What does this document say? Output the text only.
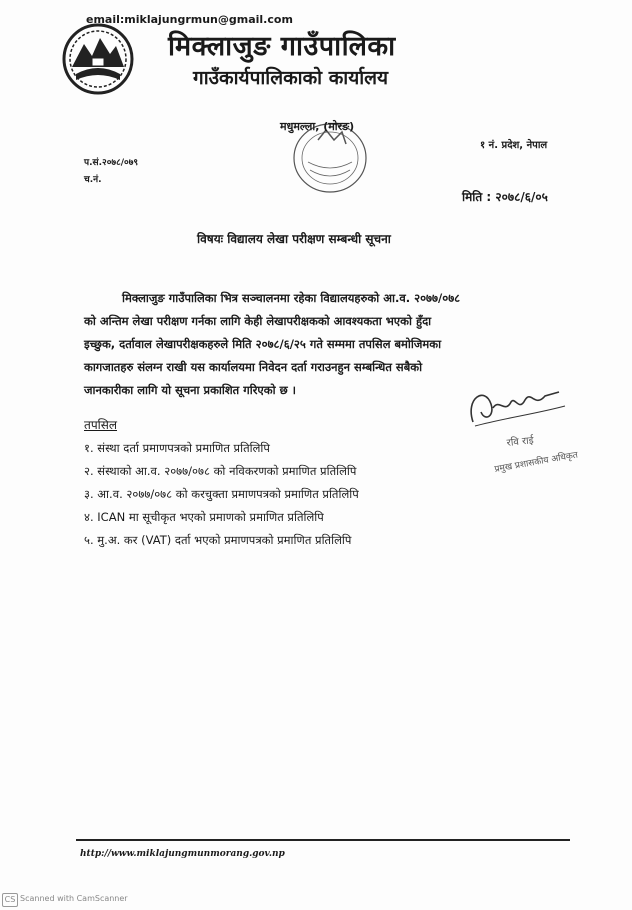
email:miklajungrmun@gmail.com
मिक्लाजुङ गाउँपालिका
गाउँकार्यपालिकाको कार्यालय
मधुमल्ला, (मोरङ)
१ नं. प्रदेश, नेपाल
प.सं.२०७८/०७९
च.नं.
मिति : २०७८/६/०५
विषयः विद्यालय लेखा परीक्षण सम्बन्धी सूचना
मिक्लाजुङ गाउँपालिका भित्र सञ्चालनमा रहेका विद्यालयहरुको आ.व. २०७७/०७८
को अन्तिम लेखा परीक्षण गर्नका लागि केही लेखापरीक्षकको आवश्यकता भएको हुँदा
इच्छुक, दर्तावाल लेखापरीक्षकहरुले मिति २०७८/६/२५ गते सम्ममा तपसिल बमोजिमका
कागजातहरु संलग्न राखी यस कार्यालयमा निवेदन दर्ता गराउनहुन सम्बन्धित सबैको
जानकारीका लागि यो सूचना प्रकाशित गरिएको छ ।
तपसिल
१. संस्था दर्ता प्रमाणपत्रको प्रमाणित प्रतिलिपि
२. संस्थाको आ.व. २०७७/०७८ को नविकरणको प्रमाणित प्रतिलिपि
३. आ.व. २०७७/०७८ को करचुक्ता प्रमाणपत्रको प्रमाणित प्रतिलिपि
४. ICAN मा सूचीकृत भएको प्रमाणको प्रमाणित प्रतिलिपि
५. मु.अ. कर (VAT) दर्ता भएको प्रमाणपत्रको प्रमाणित प्रतिलिपि
रवि राई
प्रमुख प्रशासकीय अधिकृत
http://www.miklajungmunmorang.gov.np
CS Scanned with CamScanner
